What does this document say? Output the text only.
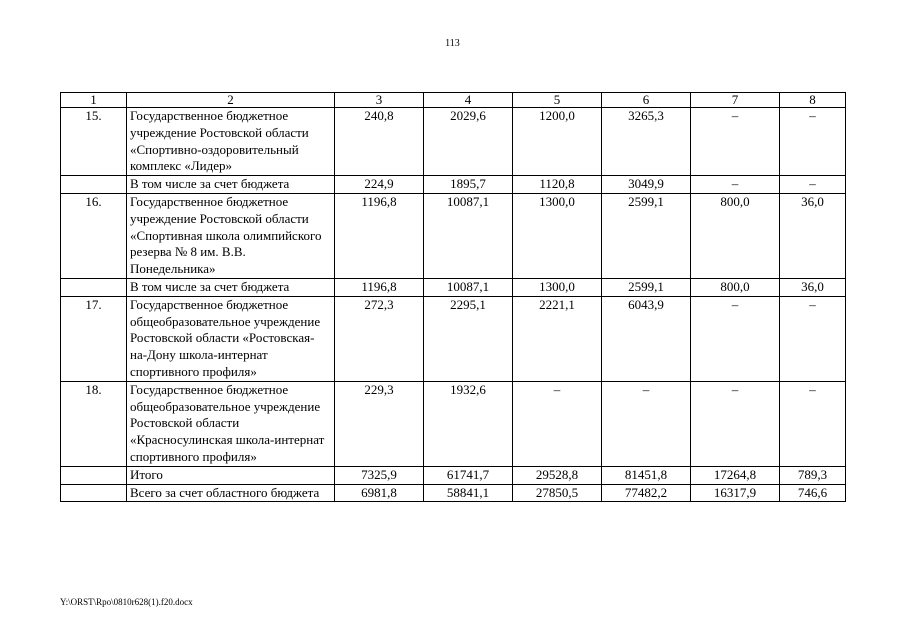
113
1	2	3	4	5	6	7	8
15.	Государственное бюджетное учреждение Ростовской области «Спортивно-оздоровительный комплекс «Лидер»	240,8	2029,6	1200,0	3265,3	–	–
	В том числе за счет бюджета	224,9	1895,7	1120,8	3049,9	–	–
16.	Государственное бюджетное учреждение Ростовской области «Спортивная школа олимпийского резерва № 8 им. В.В. Понедельника»	1196,8	10087,1	1300,0	2599,1	800,0	36,0
	В том числе за счет бюджета	1196,8	10087,1	1300,0	2599,1	800,0	36,0
17.	Государственное бюджетное общеобразовательное учреждение Ростовской области «Ростовская-на-Дону школа-интернат спортивного профиля»	272,3	2295,1	2221,1	6043,9	–	–
18.	Государственное бюджетное общеобразовательное учреждение Ростовской области «Красносулинская школа-интернат спортивного профиля»	229,3	1932,6	–	–	–	–
	Итого	7325,9	61741,7	29528,8	81451,8	17264,8	789,3
	Всего за счет областного бюджета	6981,8	58841,1	27850,5	77482,2	16317,9	746,6
Y:\ORST\Rpo\0810r628(1).f20.docx
